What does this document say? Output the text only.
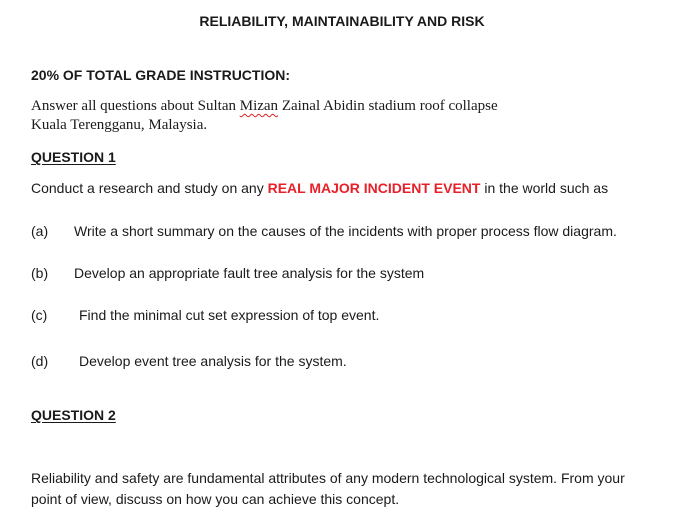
RELIABILITY, MAINTAINABILITY AND RISK
20% OF TOTAL GRADE INSTRUCTION:
Answer all questions about Sultan Mizan Zainal Abidin stadium roof collapse
Kuala Terengganu, Malaysia.
QUESTION 1
Conduct a research and study on any REAL MAJOR INCIDENT EVENT in the world such as
(a) Write a short summary on the causes of the incidents with proper process flow diagram.
(b) Develop an appropriate fault tree analysis for the system
(c) Find the minimal cut set expression of top event.
(d) Develop event tree analysis for the system.
QUESTION 2
Reliability and safety are fundamental attributes of any modern technological system. From your
point of view, discuss on how you can achieve this concept.
